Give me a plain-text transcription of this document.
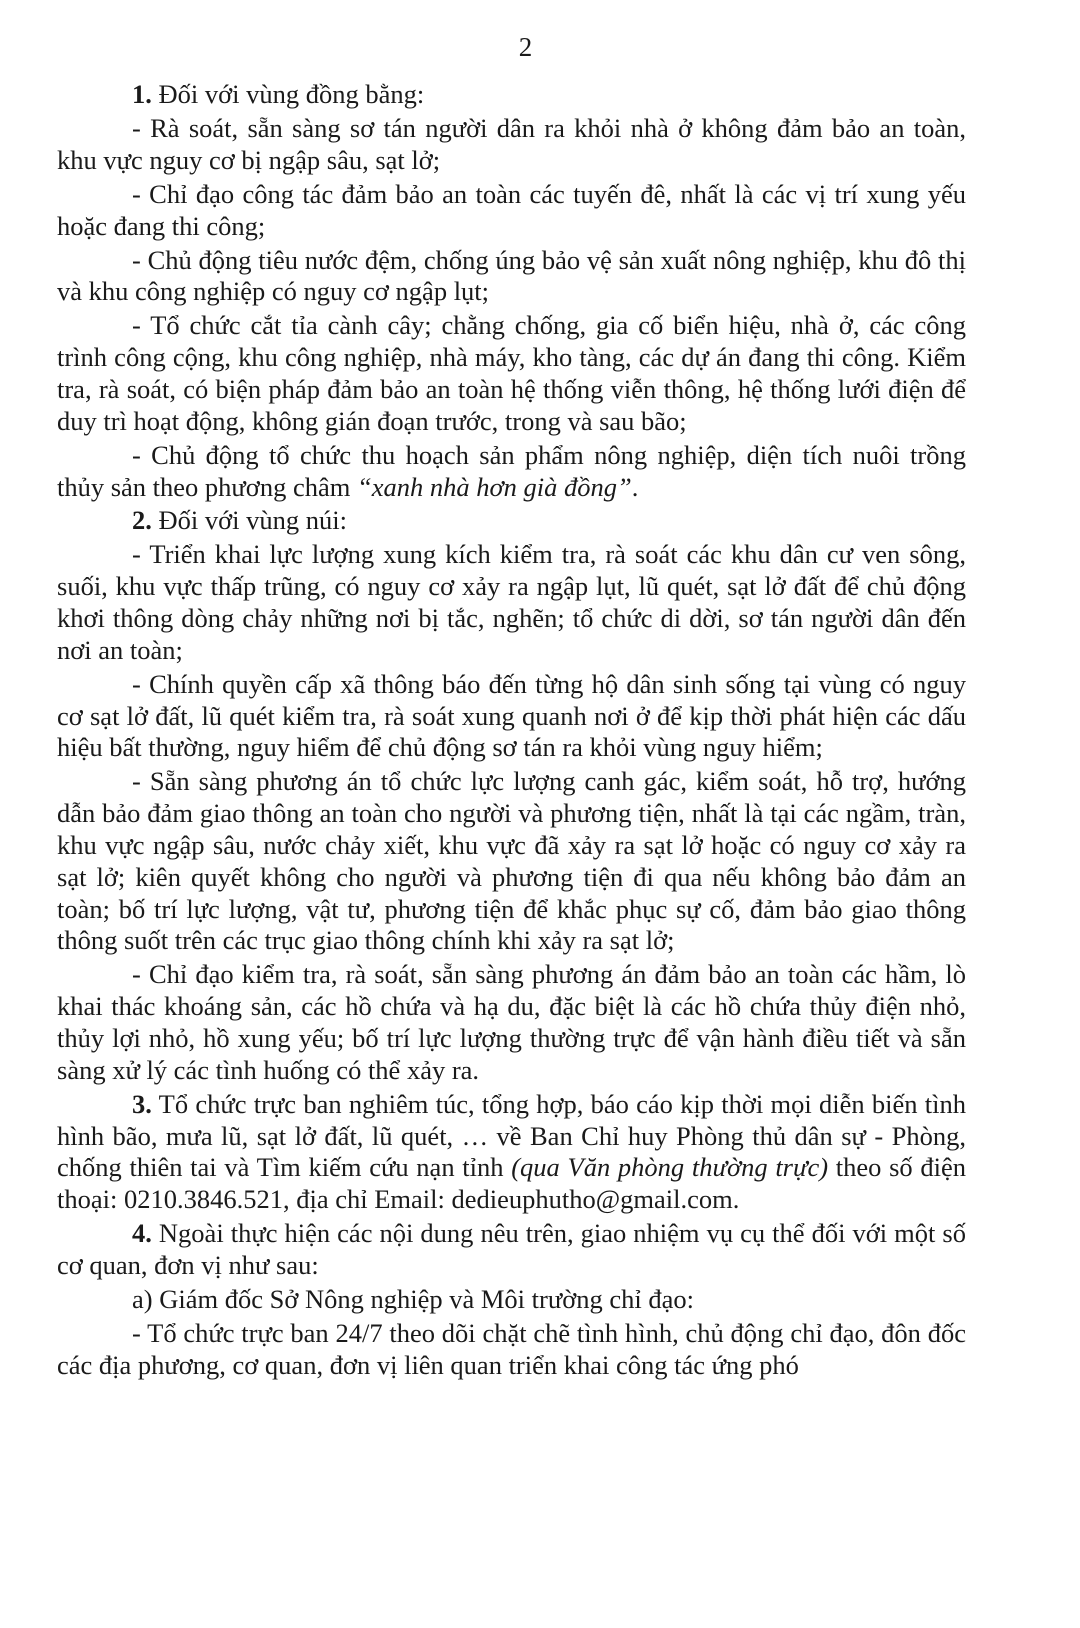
2

1. Đối với vùng đồng bằng:

- Rà soát, sẵn sàng sơ tán người dân ra khỏi nhà ở không đảm bảo an toàn, khu vực nguy cơ bị ngập sâu, sạt lở;

- Chỉ đạo công tác đảm bảo an toàn các tuyến đê, nhất là các vị trí xung yếu hoặc đang thi công;

- Chủ động tiêu nước đệm, chống úng bảo vệ sản xuất nông nghiệp, khu đô thị và khu công nghiệp có nguy cơ ngập lụt;

- Tổ chức cắt tỉa cành cây; chằng chống, gia cố biển hiệu, nhà ở, các công trình công cộng, khu công nghiệp, nhà máy, kho tàng, các dự án đang thi công. Kiểm tra, rà soát, có biện pháp đảm bảo an toàn hệ thống viễn thông, hệ thống lưới điện để duy trì hoạt động, không gián đoạn trước, trong và sau bão;

- Chủ động tổ chức thu hoạch sản phẩm nông nghiệp, diện tích nuôi trồng thủy sản theo phương châm “xanh nhà hơn già đồng”.

2. Đối với vùng núi:

- Triển khai lực lượng xung kích kiểm tra, rà soát các khu dân cư ven sông, suối, khu vực thấp trũng, có nguy cơ xảy ra ngập lụt, lũ quét, sạt lở đất để chủ động khơi thông dòng chảy những nơi bị tắc, nghẽn; tổ chức di dời, sơ tán người dân đến nơi an toàn;

- Chính quyền cấp xã thông báo đến từng hộ dân sinh sống tại vùng có nguy cơ sạt lở đất, lũ quét kiểm tra, rà soát xung quanh nơi ở để kịp thời phát hiện các dấu hiệu bất thường, nguy hiểm để chủ động sơ tán ra khỏi vùng nguy hiểm;

- Sẵn sàng phương án tổ chức lực lượng canh gác, kiểm soát, hỗ trợ, hướng dẫn bảo đảm giao thông an toàn cho người và phương tiện, nhất là tại các ngầm, tràn, khu vực ngập sâu, nước chảy xiết, khu vực đã xảy ra sạt lở hoặc có nguy cơ xảy ra sạt lở; kiên quyết không cho người và phương tiện đi qua nếu không bảo đảm an toàn; bố trí lực lượng, vật tư, phương tiện để khắc phục sự cố, đảm bảo giao thông thông suốt trên các trục giao thông chính khi xảy ra sạt lở;

- Chỉ đạo kiểm tra, rà soát, sẵn sàng phương án đảm bảo an toàn các hầm, lò khai thác khoáng sản, các hồ chứa và hạ du, đặc biệt là các hồ chứa thủy điện nhỏ, thủy lợi nhỏ, hồ xung yếu; bố trí lực lượng thường trực để vận hành điều tiết và sẵn sàng xử lý các tình huống có thể xảy ra.

3. Tổ chức trực ban nghiêm túc, tổng hợp, báo cáo kịp thời mọi diễn biến tình hình bão, mưa lũ, sạt lở đất, lũ quét, … về Ban Chỉ huy Phòng thủ dân sự - Phòng, chống thiên tai và Tìm kiếm cứu nạn tỉnh (qua Văn phòng thường trực) theo số điện thoại: 0210.3846.521, địa chỉ Email: dedieuphutho@gmail.com.

4. Ngoài thực hiện các nội dung nêu trên, giao nhiệm vụ cụ thể đối với một số cơ quan, đơn vị như sau:

a) Giám đốc Sở Nông nghiệp và Môi trường chỉ đạo:

- Tổ chức trực ban 24/7 theo dõi chặt chẽ tình hình, chủ động chỉ đạo, đôn đốc các địa phương, cơ quan, đơn vị liên quan triển khai công tác ứng phó
